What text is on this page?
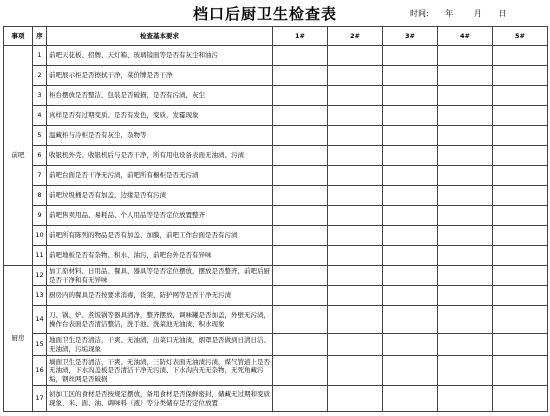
档口后厨卫生检查表	时间: 年	月 日
事项	序	检查基本要求	1#	2#	3#	4#	5#
前吧	1	前吧天花板、招牌、天灯箱、玻璃镜面等是否有灰尘和油污					
	2	前吧展示柜是否擦拭干净，菜价牌是否干净					
	3	柜台摆放是否整洁，包装是否破损，是否有污渍，灰尘					
	4	真样是否有过期变质、是否有发色，变质，发霉现象					
	5	温藏柜与冷柜是否有灰尘，杂物等					
	6	收银机外壳、收银机后与是否干净，所有用电设备表面无油渍、污渍					
	7	前吧台面是否干净无污渍，前吧所有橱柜是否无污渍					
	8	前吧垃圾桶是否有加盖，边缘是否有污渍					
	9	前吧售卖用品、易耗品、个人用品等是否定位放置整齐					
	10	前吧所有陈列的物品是否有加盖、加膜，前吧工作台面是否有污渍					
	11	前吧地板是否有杂物、积水、油污，前吧台外是否有异味					
厨房	12	加工原材料、日用品、餐具、器具等是否定位摆放，摆放是否整齐，前吧后厨是否干净和有无异味					
	13	厨房内的餐具是否按要求消毒，货架、防护网等是否干净无污渍					
	14	刀、锅、炉、煮饭锅等器具清净，整齐摆放，调味罐是否加盖，外壁无污渍，操作台表面是否清洁整洁，洗手池、洗菜池无油渍、积水现象					
	15	地面卫生是否清洁，干爽、无油渍，出菜口无油渍，烟罩是否做到日清日洁、无油渍，污垢现象					
	16	墙面卫生是否清洁，干爽、无油渍，三防灯表面无油渍污渍，煤气管道上是否无油渍，下水沟盖板是否清洁干净无污渍、下水沟内无无杂物，无死角藏污垢，钢丝网是否破损					
	17	初加工区的食材是否按规定摆放，备用食材是否保鲜密封，储藏无过期和变质现象，米、面、油、调味料（液）等分类储存是否定位放置					
